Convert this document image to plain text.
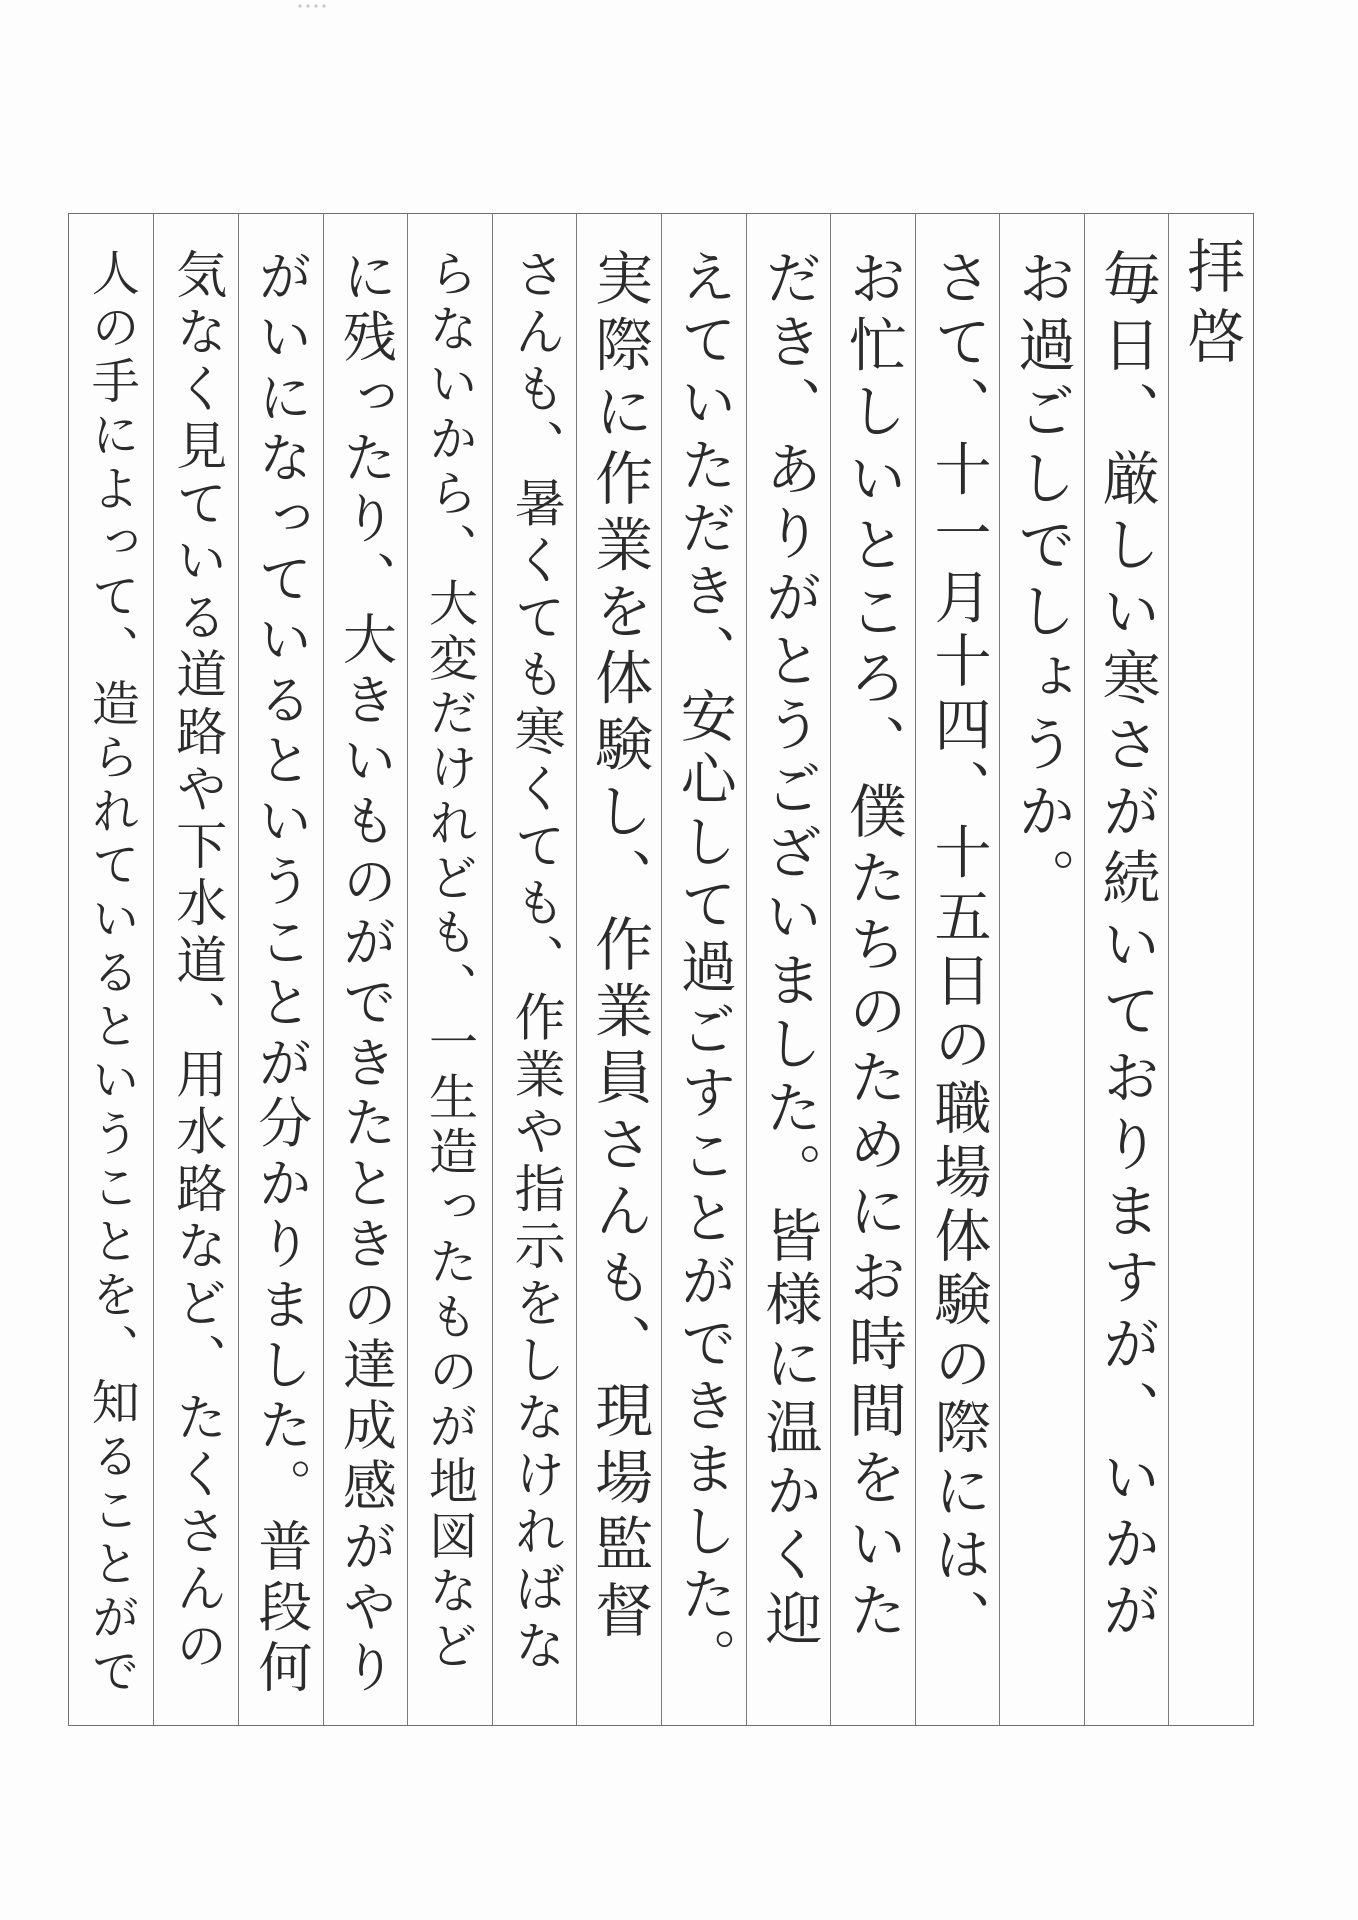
拝啓
毎日、厳しい寒さが続いておりますが、いかが
お過ごしでしょうか。
さて、十一月十四、十五日の職場体験の際には、
お忙しいところ、僕たちのためにお時間をいた
だき、ありがとうございました。皆様に温かく迎
えていただき、安心して過ごすことができました。
実際に作業を体験し、作業員さんも、現場監督
さんも、暑くても寒くても、作業や指示をしなければな
らないから、大変だけれども、一生造ったものが地図など
に残ったり、大きいものができたときの達成感がやり
がいになっているということが分かりました。普段何
気なく見ている道路や下水道、用水路など、たくさんの
人の手によって、造られているということを、知ることがで
